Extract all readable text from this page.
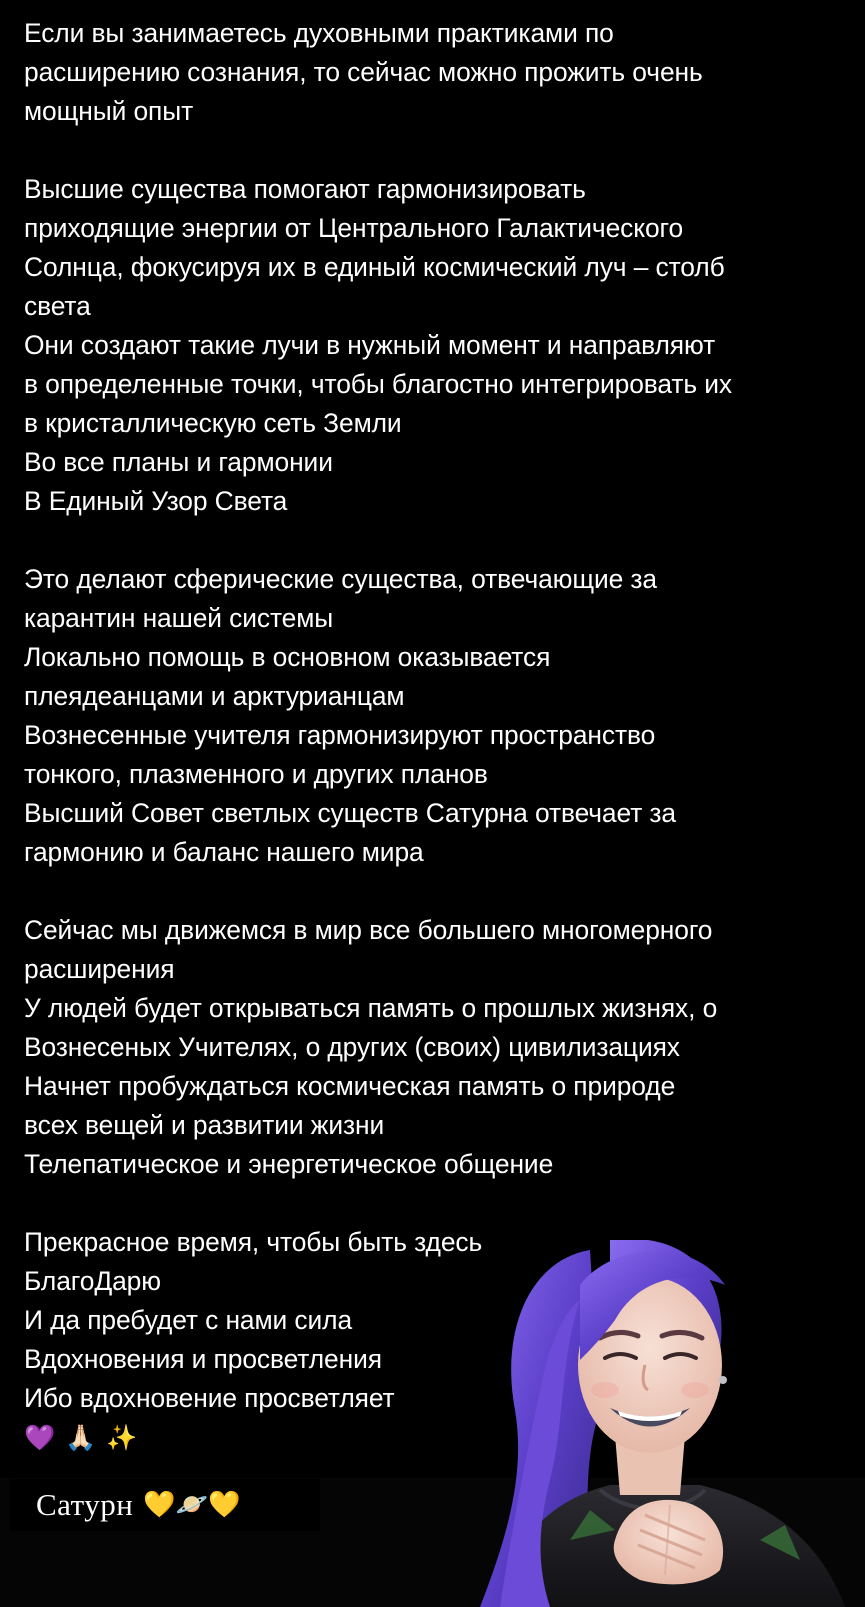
Если вы занимаетесь духовными практиками по
расширению сознания, то сейчас можно прожить очень
мощный опыт
Высшие существа помогают гармонизировать
приходящие энергии от Центрального Галактического
Солнца, фокусируя их в единый космический луч – столб
света
Они создают такие лучи в нужный момент и направляют
в определенные точки, чтобы благостно интегрировать их
в кристаллическую сеть Земли
Во все планы и гармонии
В Единый Узор Света
Это делают сферические существа, отвечающие за
карантин нашей системы
Локально помощь в основном оказывается
плеядеанцами и арктурианцам
Вознесенные учителя гармонизируют пространство
тонкого, плазменного и других планов
Высший Совет светлых существ Сатурна отвечает за
гармонию и баланс нашего мира
Сейчас мы движемся в мир все большего многомерного
расширения
У людей будет открываться память о прошлых жизнях, о
Вознесеных Учителях, о других (своих) цивилизациях
Начнет пробуждаться космическая память о природе
всех вещей и развитии жизни
Телепатическое и энергетическое общение
Прекрасное время, чтобы быть здесь
БлагоДарю
И да пребудет с нами сила
Вдохновения и просветления
Ибо вдохновение просветляет
💜 🙏🏻 ✨
Сатурн 💛🪐💛
